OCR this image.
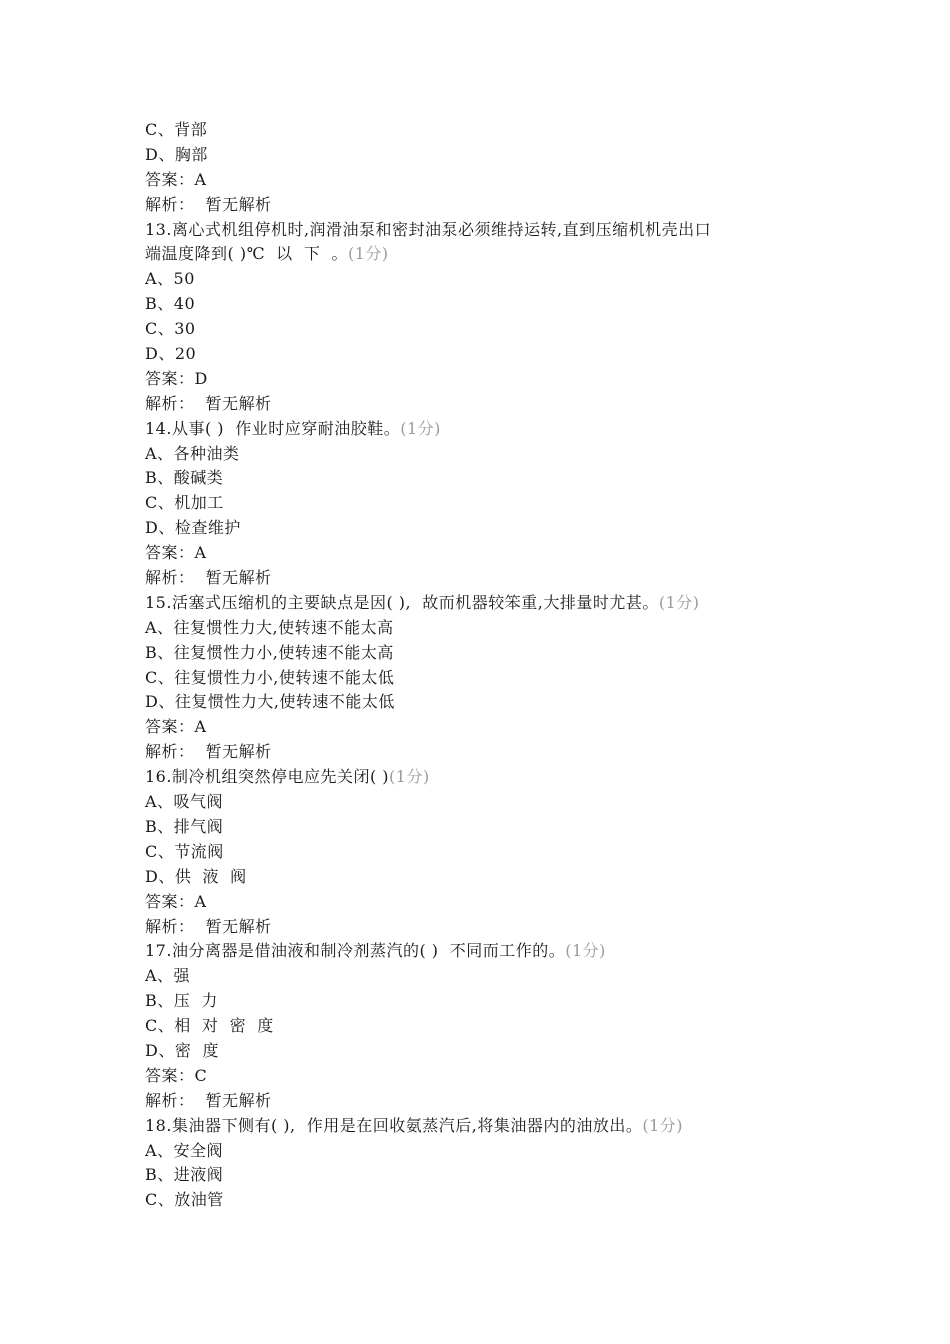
C、背部
D、胸部
答案：A
解析：  暂无解析
13.离心式机组停机时,润滑油泵和密封油泵必须维持运转,直到压缩机机壳出口
端温度降到( )℃  以  下  。(1分)
A、50
B、40
C、30
D、20
答案：D
解析：  暂无解析
14.从事( )  作业时应穿耐油胶鞋。(1分)
A、各种油类
B、酸碱类
C、机加工
D、检查维护
答案：A
解析：  暂无解析
15.活塞式压缩机的主要缺点是因( ),  故而机器较笨重,大排量时尤甚。(1分)
A、往复惯性力大,使转速不能太高
B、往复惯性力小,使转速不能太高
C、往复惯性力小,使转速不能太低
D、往复惯性力大,使转速不能太低
答案：A
解析：  暂无解析
16.制冷机组突然停电应先关闭( )(1分)
A、吸气阀
B、排气阀
C、节流阀
D、供  液  阀
答案：A
解析：  暂无解析
17.油分离器是借油液和制冷剂蒸汽的( )  不同而工作的。(1分)
A、强
B、压  力
C、相  对  密  度
D、密  度
答案：C
解析：  暂无解析
18.集油器下侧有( ),  作用是在回收氨蒸汽后,将集油器内的油放出。(1分)
A、安全阀
B、进液阀
C、放油管
